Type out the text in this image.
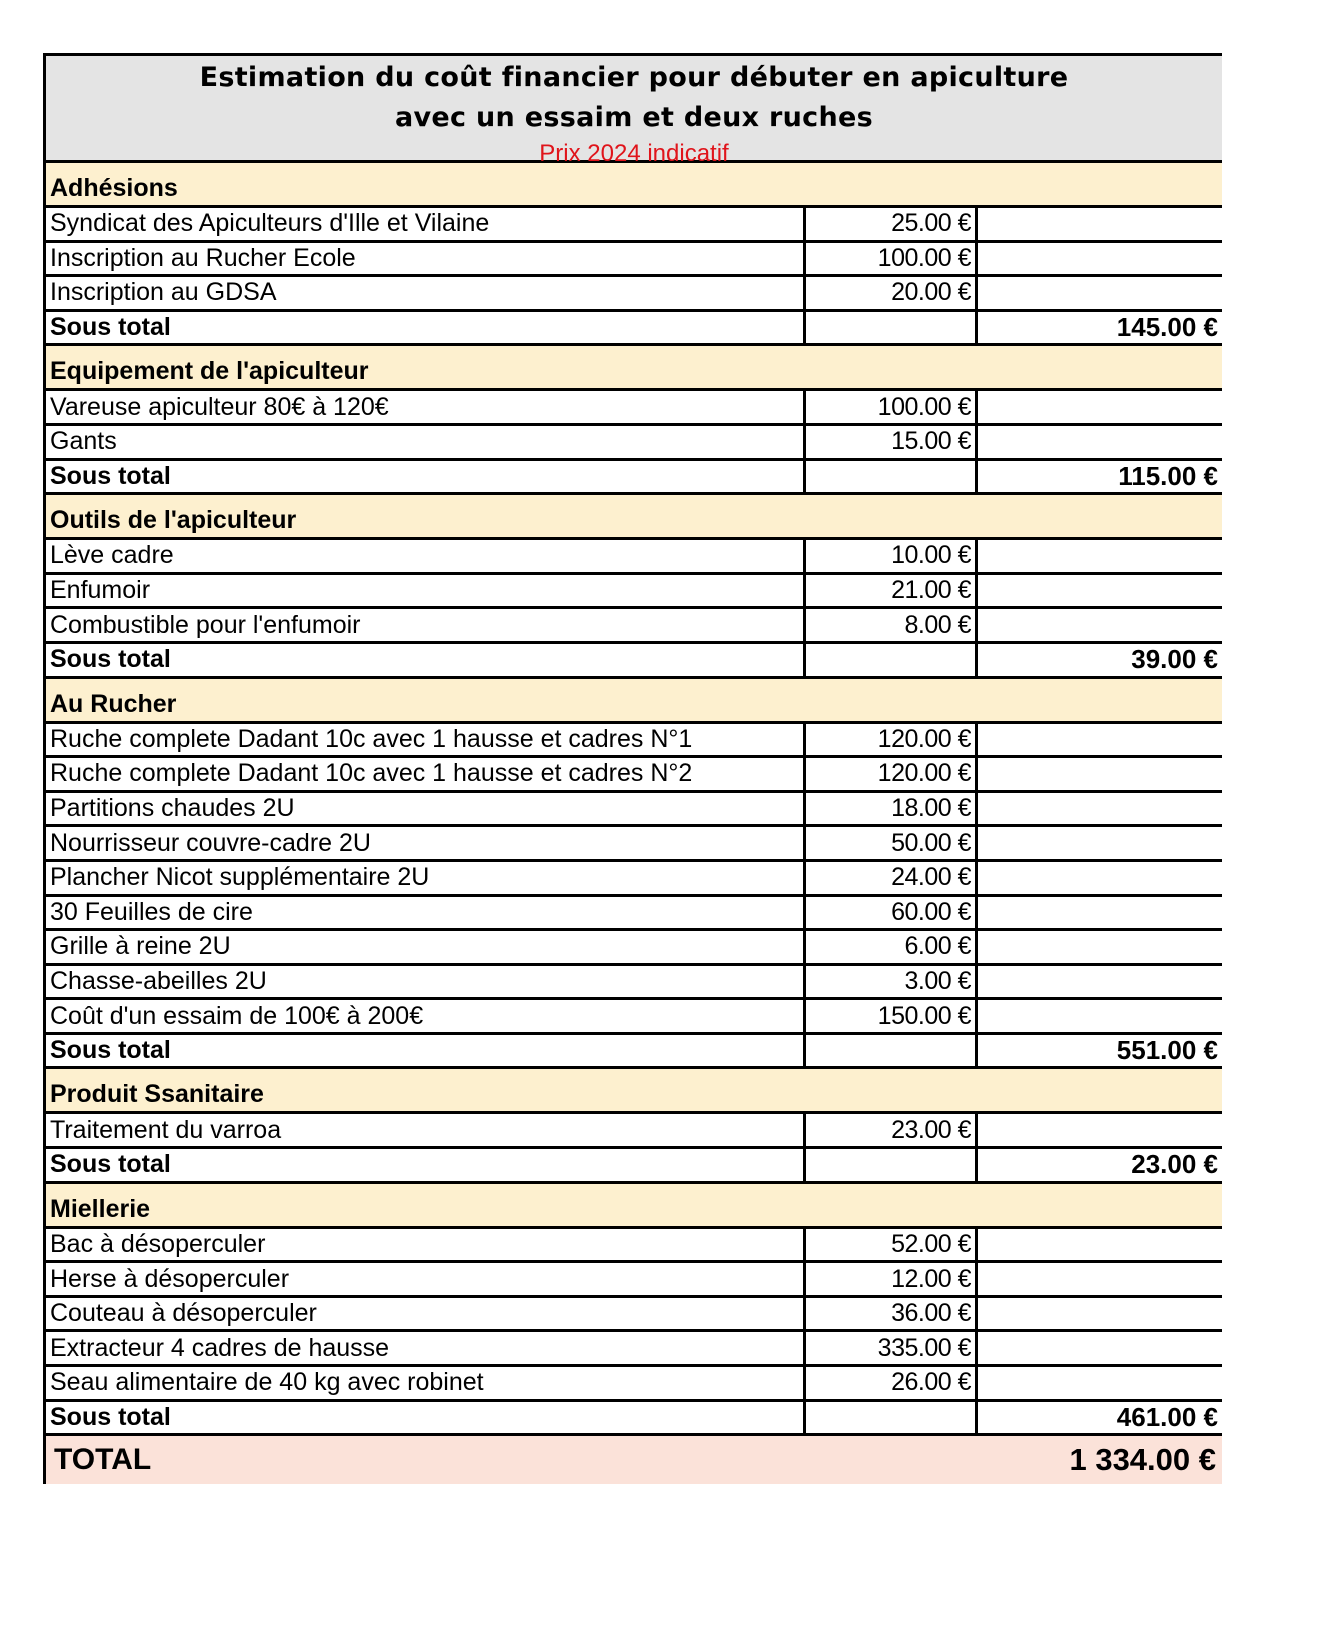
Estimation du coût financier pour débuter en apiculture
avec un essaim et deux ruches
Prix 2024 indicatif
Adhésions
Syndicat des Apiculteurs d'Ille et Vilaine	25.00 €
Inscription au Rucher Ecole	100.00 €
Inscription au GDSA	20.00 €
Sous total	145.00 €
Equipement de l'apiculteur
Vareuse apiculteur 80€ à 120€	100.00 €
Gants	15.00 €
Sous total	115.00 €
Outils de l'apiculteur
Lève cadre	10.00 €
Enfumoir	21.00 €
Combustible pour l'enfumoir	8.00 €
Sous total	39.00 €
Au Rucher
Ruche complete Dadant 10c avec 1 hausse et cadres N°1	120.00 €
Ruche complete Dadant 10c avec 1 hausse et cadres N°2	120.00 €
Partitions chaudes 2U	18.00 €
Nourrisseur couvre-cadre 2U	50.00 €
Plancher Nicot supplémentaire 2U	24.00 €
30 Feuilles de cire	60.00 €
Grille à reine 2U	6.00 €
Chasse-abeilles 2U	3.00 €
Coût d'un essaim de 100€ à 200€	150.00 €
Sous total	551.00 €
Produit Ssanitaire
Traitement du varroa	23.00 €
Sous total	23.00 €
Miellerie
Bac à désoperculer	52.00 €
Herse à désoperculer	12.00 €
Couteau à désoperculer	36.00 €
Extracteur 4 cadres de hausse	335.00 €
Seau alimentaire de 40 kg avec robinet	26.00 €
Sous total	461.00 €
TOTAL	1 334.00 €
